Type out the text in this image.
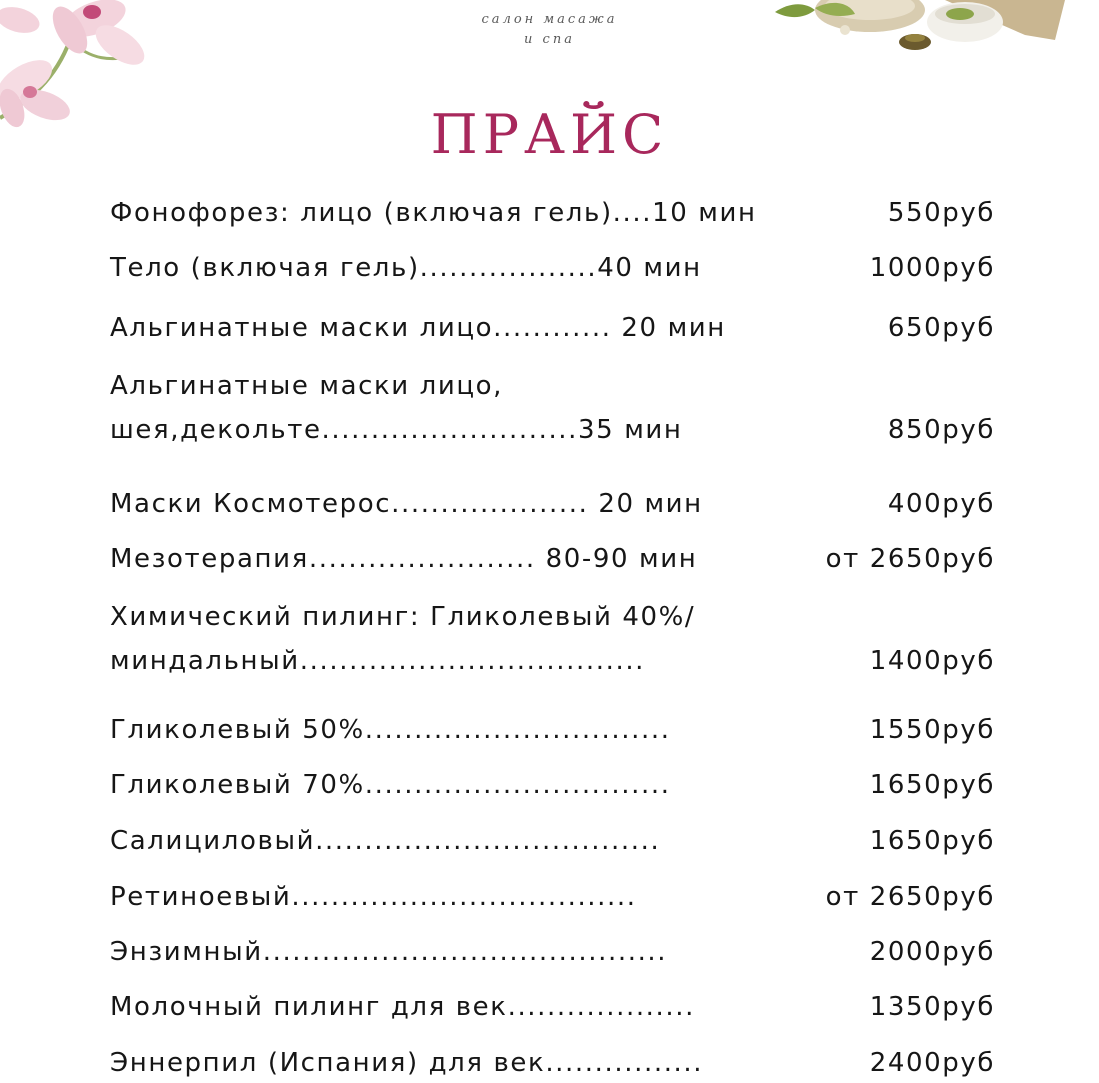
салон масажа
и спа
ПРАЙС
Фонофорез: лицо (включая гель)....10 мин	550руб
Тело (включая гель)..................40 мин	1000руб
Альгинатные маски лицо............ 20 мин	650руб
Альгинатные маски лицо,
шея,декольте..........................35 мин	850руб
Маски Космотерос.................... 20 мин	400руб
Мезотерапия....................... 80-90 мин	от 2650руб
Химический пилинг: Гликолевый 40%/
миндальный...................................	1400руб
Гликолевый 50%...............................	1550руб
Гликолевый 70%...............................	1650руб
Салициловый...................................	1650руб
Ретиноевый...................................	от 2650руб
Энзимный.........................................	2000руб
Молочный пилинг для век...................	1350руб
Эннерпил (Испания) для век................	2400руб
